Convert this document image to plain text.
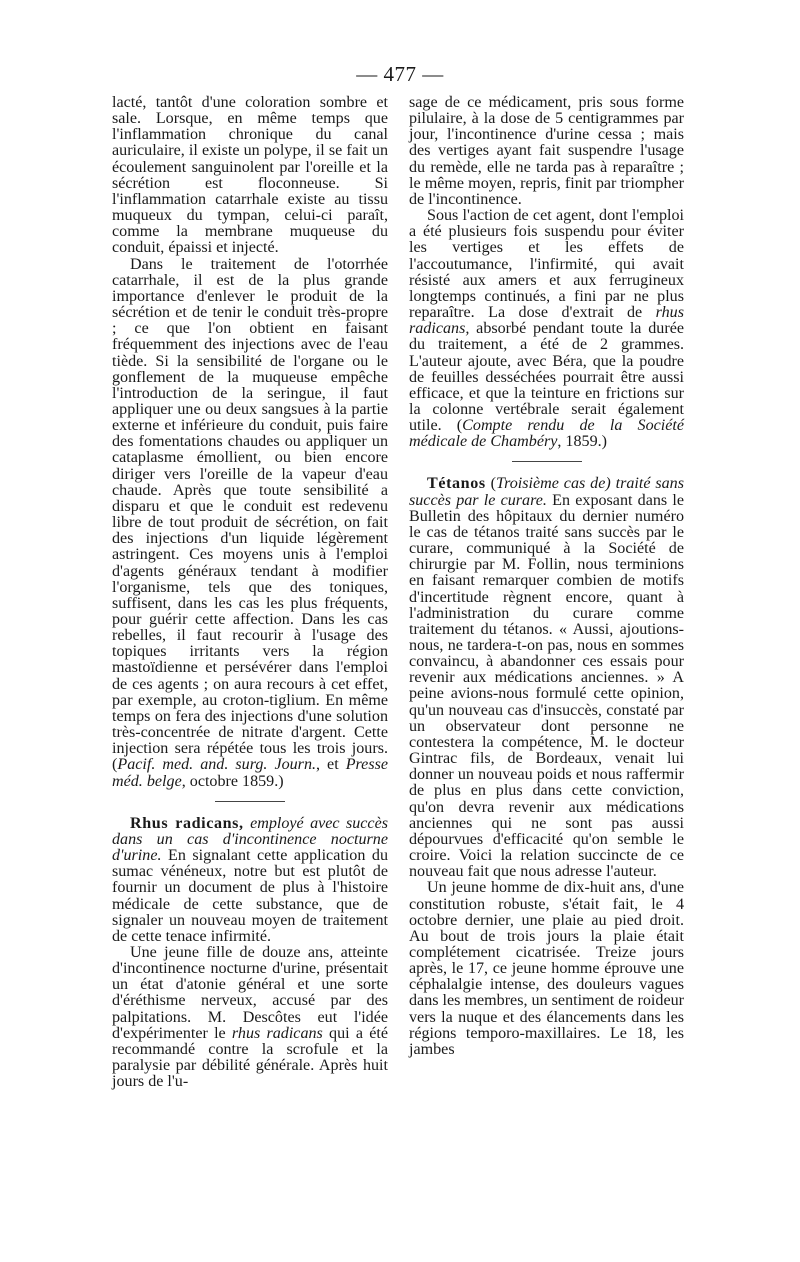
— 477 —

lacté, tantôt d'une coloration sombre et sale. Lorsque, en même temps que l'inflammation chronique du canal auriculaire, il existe un polype, il se fait un écoulement sanguinolent par l'oreille et la sécrétion est floconneuse. Si l'inflammation catarrhale existe au tissu muqueux du tympan, celui-ci paraît, comme la membrane muqueuse du conduit, épaissi et injecté.

Dans le traitement de l'otorrhée catarrhale, il est de la plus grande importance d'enlever le produit de la sécrétion et de tenir le conduit très-propre ; ce que l'on obtient en faisant fréquemment des injections avec de l'eau tiède. Si la sensibilité de l'organe ou le gonflement de la muqueuse empêche l'introduction de la seringue, il faut appliquer une ou deux sangsues à la partie externe et inférieure du conduit, puis faire des fomentations chaudes ou appliquer un cataplasme émollient, ou bien encore diriger vers l'oreille de la vapeur d'eau chaude. Après que toute sensibilité a disparu et que le conduit est redevenu libre de tout produit de sécrétion, on fait des injections d'un liquide légèrement astringent. Ces moyens unis à l'emploi d'agents généraux tendant à modifier l'organisme, tels que des toniques, suffisent, dans les cas les plus fréquents, pour guérir cette affection. Dans les cas rebelles, il faut recourir à l'usage des topiques irritants vers la région mastoïdienne et persévérer dans l'emploi de ces agents ; on aura recours à cet effet, par exemple, au croton-tiglium. En même temps on fera des injections d'une solution très-concentrée de nitrate d'argent. Cette injection sera répétée tous les trois jours. (Pacif. med. and. surg. Journ., et Presse méd. belge, octobre 1859.)

Rhus radicans, employé avec succès dans un cas d'incontinence nocturne d'urine. En signalant cette application du sumac vénéneux, notre but est plutôt de fournir un document de plus à l'histoire médicale de cette substance, que de signaler un nouveau moyen de traitement de cette tenace infirmité.

Une jeune fille de douze ans, atteinte d'incontinence nocturne d'urine, présentait un état d'atonie général et une sorte d'éréthisme nerveux, accusé par des palpitations. M. Descôtes eut l'idée d'expérimenter le rhus radicans qui a été recommandé contre la scrofule et la paralysie par débilité générale. Après huit jours de l'u-

sage de ce médicament, pris sous forme pilulaire, à la dose de 5 centigrammes par jour, l'incontinence d'urine cessa ; mais des vertiges ayant fait suspendre l'usage du remède, elle ne tarda pas à reparaître ; le même moyen, repris, finit par triompher de l'incontinence.

Sous l'action de cet agent, dont l'emploi a été plusieurs fois suspendu pour éviter les vertiges et les effets de l'accoutumance, l'infirmité, qui avait résisté aux amers et aux ferrugineux longtemps continués, a fini par ne plus reparaître. La dose d'extrait de rhus radicans, absorbé pendant toute la durée du traitement, a été de 2 grammes. L'auteur ajoute, avec Béra, que la poudre de feuilles desséchées pourrait être aussi efficace, et que la teinture en frictions sur la colonne vertébrale serait également utile. (Compte rendu de la Société médicale de Chambéry, 1859.)

Tétanos (Troisième cas de) traité sans succès par le curare. En exposant dans le Bulletin des hôpitaux du dernier numéro le cas de tétanos traité sans succès par le curare, communiqué à la Société de chirurgie par M. Follin, nous terminions en faisant remarquer combien de motifs d'incertitude règnent encore, quant à l'administration du curare comme traitement du tétanos. « Aussi, ajoutions-nous, ne tardera-t-on pas, nous en sommes convaincu, à abandonner ces essais pour revenir aux médications anciennes. » A peine avions-nous formulé cette opinion, qu'un nouveau cas d'insuccès, constaté par un observateur dont personne ne contestera la compétence, M. le docteur Gintrac fils, de Bordeaux, venait lui donner un nouveau poids et nous raffermir de plus en plus dans cette conviction, qu'on devra revenir aux médications anciennes qui ne sont pas aussi dépourvues d'efficacité qu'on semble le croire. Voici la relation succincte de ce nouveau fait que nous adresse l'auteur.

Un jeune homme de dix-huit ans, d'une constitution robuste, s'était fait, le 4 octobre dernier, une plaie au pied droit. Au bout de trois jours la plaie était complétement cicatrisée. Treize jours après, le 17, ce jeune homme éprouve une céphalalgie intense, des douleurs vagues dans les membres, un sentiment de roideur vers la nuque et des élancements dans les régions temporo-maxillaires. Le 18, les jambes
